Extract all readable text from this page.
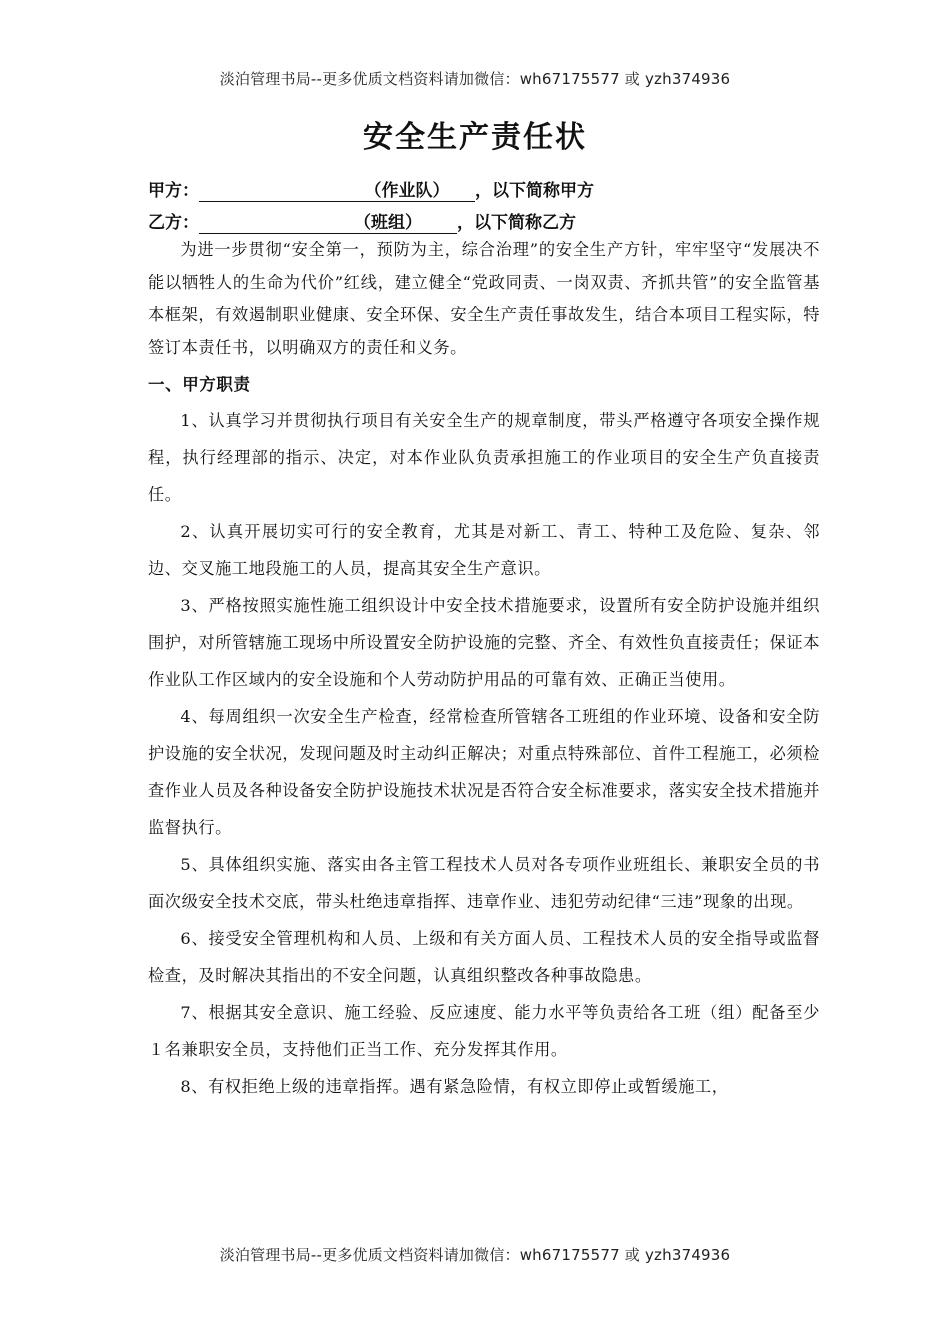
淡泊管理书局--更多优质文档资料请加微信：wh67175577 或 yzh374936
安全生产责任状
甲方：	（作业队） ，以下简称甲方
乙方：	（班组） ，以下简称乙方

为进一步贯彻“安全第一，预防为主，综合治理”的安全生产方针，牢牢坚守“发展决不能以牺牲人的生命为代价”红线，建立健全“党政同责、一岗双责、齐抓共管”的安全监管基本框架，有效遏制职业健康、安全环保、安全生产责任事故发生，结合本项目工程实际，特签订本责任书，以明确双方的责任和义务。

一、甲方职责

1、认真学习并贯彻执行项目有关安全生产的规章制度，带头严格遵守各项安全操作规程，执行经理部的指示、决定，对本作业队负责承担施工的作业项目的安全生产负直接责任。

2、认真开展切实可行的安全教育，尤其是对新工、青工、特种工及危险、复杂、邻边、交叉施工地段施工的人员，提高其安全生产意识。

3、严格按照实施性施工组织设计中安全技术措施要求，设置所有安全防护设施并组织围护，对所管辖施工现场中所设置安全防护设施的完整、齐全、有效性负直接责任；保证本作业队工作区域内的安全设施和个人劳动防护用品的可靠有效、正确正当使用。

4、每周组织一次安全生产检查，经常检查所管辖各工班组的作业环境、设备和安全防护设施的安全状况，发现问题及时主动纠正解决；对重点特殊部位、首件工程施工，必须检查作业人员及各种设备安全防护设施技术状况是否符合安全标准要求，落实安全技术措施并监督执行。

5、具体组织实施、落实由各主管工程技术人员对各专项作业班组长、兼职安全员的书面次级安全技术交底，带头杜绝违章指挥、违章作业、违犯劳动纪律“三违”现象的出现。

6、接受安全管理机构和人员、上级和有关方面人员、工程技术人员的安全指导或监督检查，及时解决其指出的不安全问题，认真组织整改各种事故隐患。

7、根据其安全意识、施工经验、反应速度、能力水平等负责给各工班（组）配备至少１名兼职安全员，支持他们正当工作、充分发挥其作用。

8、有权拒绝上级的违章指挥。遇有紧急险情，有权立即停止或暂缓施工，

淡泊管理书局--更多优质文档资料请加微信：wh67175577 或 yzh374936
